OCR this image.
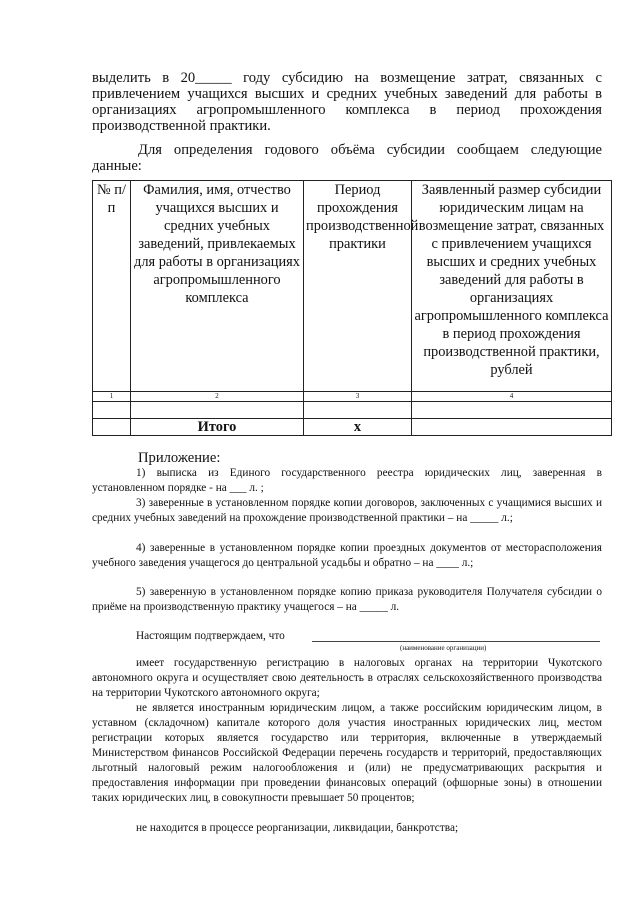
выделить в 20_____ году субсидию на возмещение затрат, связанных с привлечением учащихся высших и средних учебных заведений для работы в организациях агропромышленного комплекса в период прохождения производственной практики.

Для определения годового объёма субсидии сообщаем следующие данные:

№ п/п	Фамилия, имя, отчество учащихся высших и средних учебных заведений, привлекаемых для работы в организациях агропромышленного комплекса	Период прохождения производственной практики	Заявленный размер субсидии юридическим лицам на возмещение затрат, связанных с привлечением учащихся высших и средних учебных заведений для работы в организациях агропромышленного комплекса в период прохождения производственной практики, рублей
1	2	3	4

	Итого	х	

Приложение:

1) выписка из Единого государственного реестра юридических лиц, заверенная в установленном порядке - на ___ л. ;

3) заверенные в установленном порядке копии договоров, заключенных с учащимися высших и средних учебных заведений на прохождение производственной практики – на _____ л.;

4) заверенные в установленном порядке копии проездных документов от месторасположения учебного заведения учащегося до центральной усадьбы и обратно – на ____ л.;

5) заверенную в установленном порядке копию приказа руководителя Получателя субсидии о приёме на производственную практику учащегося – на _____ л.

Настоящим подтверждаем, что

(наименование организации)

имеет государственную регистрацию в налоговых органах на территории Чукотского автономного округа и осуществляет свою деятельность в отраслях сельскохозяйственного производства на территории Чукотского автономного округа;

не является иностранным юридическим лицом, а также российским юридическим лицом, в уставном (складочном) капитале которого доля участия иностранных юридических лиц, местом регистрации которых является государство или территория, включенные в утверждаемый Министерством финансов Российской Федерации перечень государств и территорий, предоставляющих льготный налоговый режим налогообложения и (или) не предусматривающих раскрытия и предоставления информации при проведении финансовых операций (офшорные зоны) в отношении таких юридических лиц, в совокупности превышает 50 процентов;

не находится в процессе реорганизации, ликвидации, банкротства;
